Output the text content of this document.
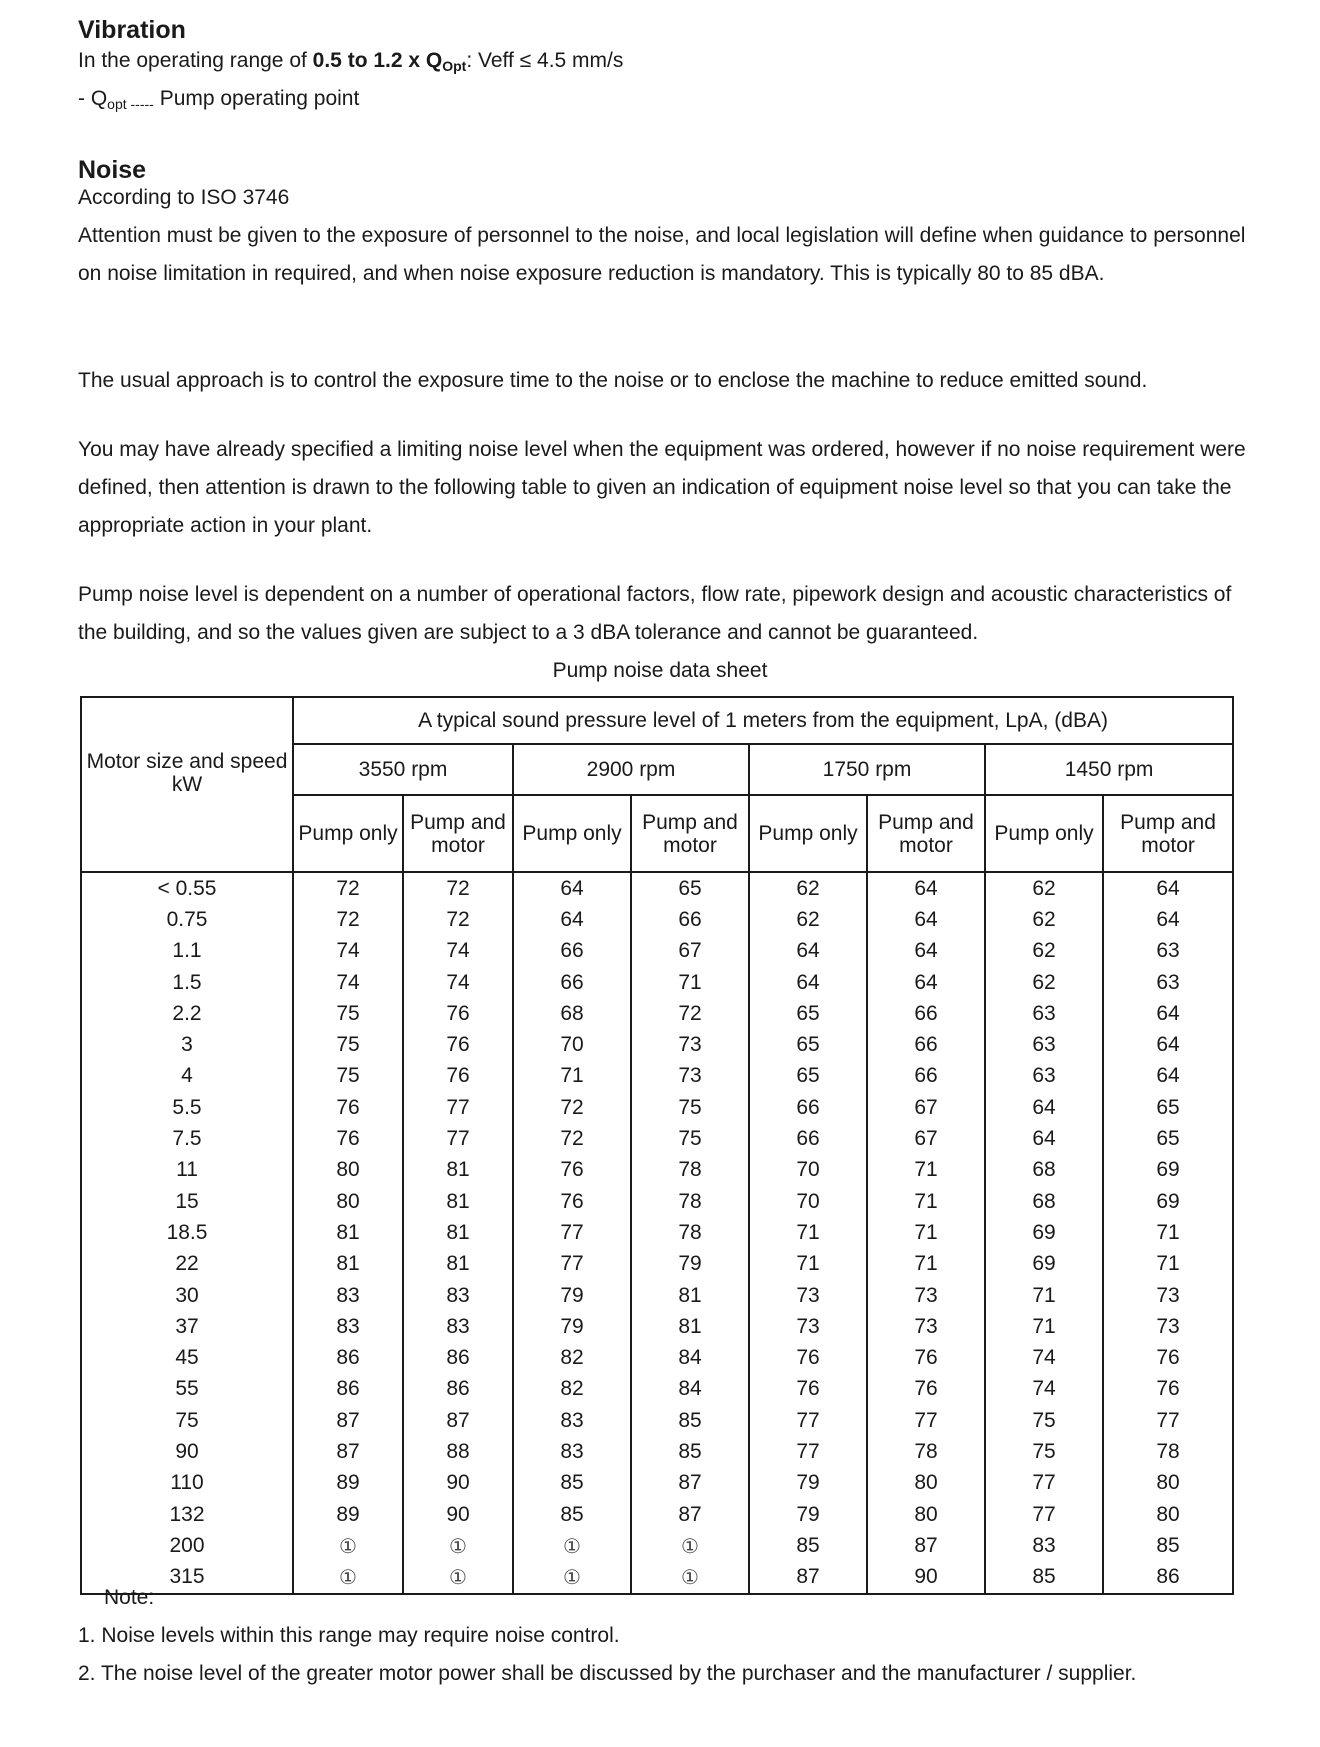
Vibration

In the operating range of 0.5 to 1.2 x $Q_{Opt}$: Veff ≤ 4.5 mm/s

- $Q_{opt -----}$ Pump operating point

Noise

According to ISO 3746

Attention must be given to the exposure of personnel to the noise, and local legislation will define when guidance to personnel on noise limitation in required, and when noise exposure reduction is mandatory. This is typically 80 to 85 dBA.

The usual approach is to control the exposure time to the noise or to enclose the machine to reduce emitted sound.

You may have already specified a limiting noise level when the equipment was ordered, however if no noise requirement were defined, then attention is drawn to the following table to given an indication of equipment noise level so that you can take the appropriate action in your plant.

Pump noise level is dependent on a number of operational factors, flow rate, pipework design and acoustic characteristics of the building, and so the values given are subject to a 3 dBA tolerance and cannot be guaranteed.

Pump noise data sheet
Motor size and speed kW	A typical sound pressure level of 1 meters from the equipment, LpA, (dBA)							
	3550 rpm		2900 rpm		1750 rpm		1450 rpm	
	Pump only	Pump and motor	Pump only	Pump and motor	Pump only	Pump and motor	Pump only	Pump and motor
< 0.55	72	72	64	65	62	64	62	64
0.75	72	72	64	66	62	64	62	64
1.1	74	74	66	67	64	64	62	63
1.5	74	74	66	71	64	64	62	63
2.2	75	76	68	72	65	66	63	64
3	75	76	70	73	65	66	63	64
4	75	76	71	73	65	66	63	64
5.5	76	77	72	75	66	67	64	65
7.5	76	77	72	75	66	67	64	65
11	80	81	76	78	70	71	68	69
15	80	81	76	78	70	71	68	69
18.5	81	81	77	78	71	71	69	71
22	81	81	77	79	71	71	69	71
30	83	83	79	81	73	73	71	73
37	83	83	79	81	73	73	71	73
45	86	86	82	84	76	76	74	76
55	86	86	82	84	76	76	74	76
75	87	87	83	85	77	77	75	77
90	87	88	83	85	77	78	75	78
110	89	90	85	87	79	80	77	80
132	89	90	85	87	79	80	77	80
200	①	①	①	①	85	87	83	85
315	①	①	①	①	87	90	85	86
Note:
1. Noise levels within this range may require noise control.
2. The noise level of the greater motor power shall be discussed by the purchaser and the manufacturer / supplier.
